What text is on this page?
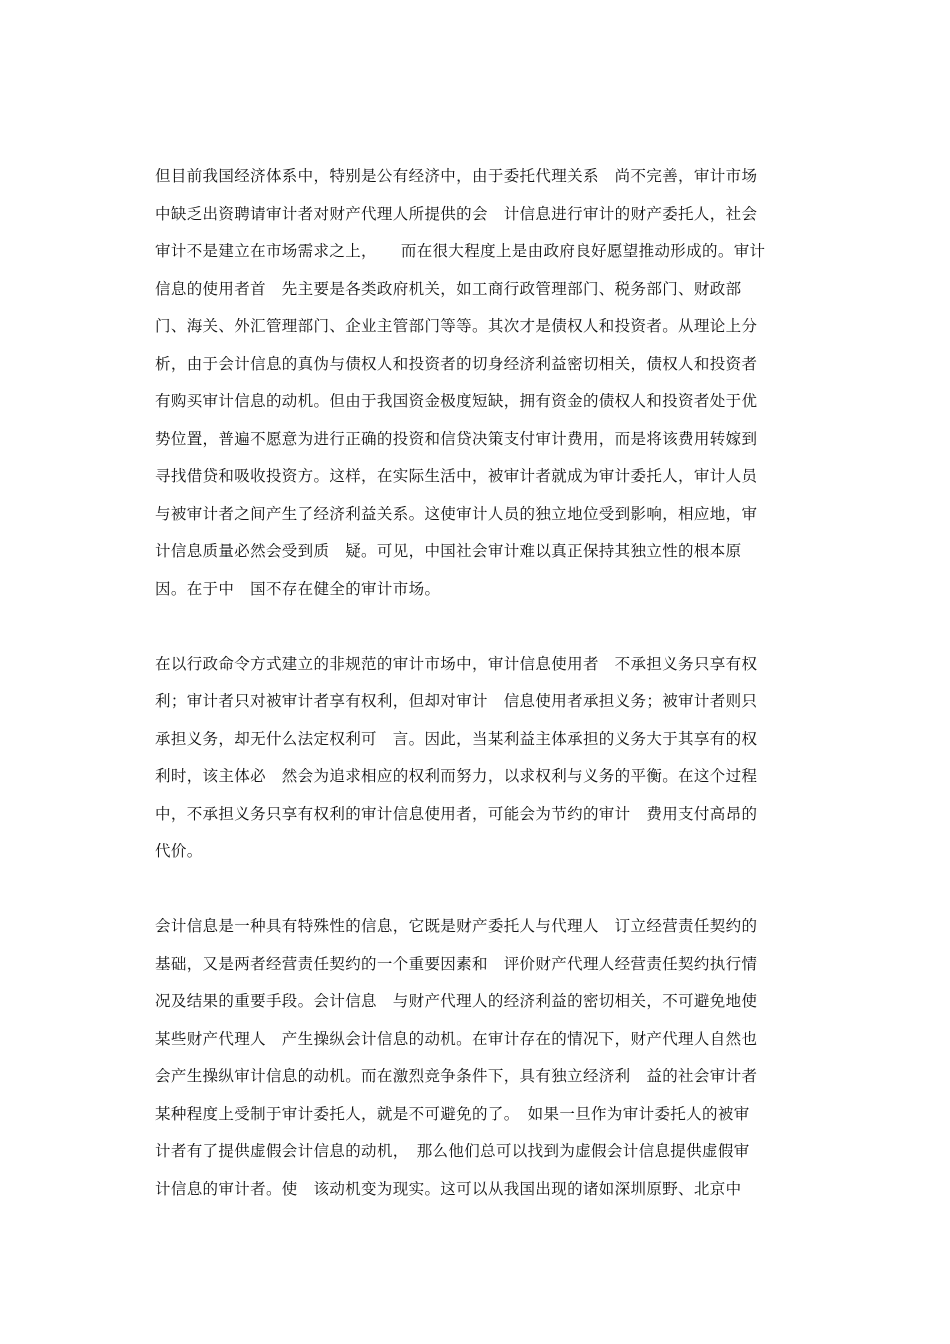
但目前我国经济体系中，特别是公有经济中，由于委托代理关系　尚不完善，审计市场
中缺乏出资聘请审计者对财产代理人所提供的会　计信息进行审计的财产委托人，社会
审计不是建立在市场需求之上，　　而在很大程度上是由政府良好愿望推动形成的。审计
信息的使用者首　先主要是各类政府机关，如工商行政管理部门、税务部门、财政部
门、海关、外汇管理部门、企业主管部门等等。其次才是债权人和投资者。从理论上分
析，由于会计信息的真伪与债权人和投资者的切身经济利益密切相关，债权人和投资者
有购买审计信息的动机。但由于我国资金极度短缺，拥有资金的债权人和投资者处于优
势位置，普遍不愿意为进行正确的投资和信贷决策支付审计费用，而是将该费用转嫁到
寻找借贷和吸收投资方。这样，在实际生活中，被审计者就成为审计委托人，审计人员
与被审计者之间产生了经济利益关系。这使审计人员的独立地位受到影响，相应地，审
计信息质量必然会受到质　疑。可见，中国社会审计难以真正保持其独立性的根本原
因。在于中　国不存在健全的审计市场。
在以行政命令方式建立的非规范的审计市场中，审计信息使用者　不承担义务只享有权
利；审计者只对被审计者享有权利，但却对审计　信息使用者承担义务；被审计者则只
承担义务，却无什么法定权利可　言。因此，当某利益主体承担的义务大于其享有的权
利时，该主体必　然会为追求相应的权利而努力，以求权利与义务的平衡。在这个过程
中，不承担义务只享有权利的审计信息使用者，可能会为节约的审计　费用支付高昂的
代价。
会计信息是一种具有特殊性的信息，它既是财产委托人与代理人　订立经营责任契约的
基础，又是两者经营责任契约的一个重要因素和　评价财产代理人经营责任契约执行情
况及结果的重要手段。会计信息　与财产代理人的经济利益的密切相关，不可避免地使
某些财产代理人　产生操纵会计信息的动机。在审计存在的情况下，财产代理人自然也
会产生操纵审计信息的动机。而在激烈竞争条件下，具有独立经济利　益的社会审计者
某种程度上受制于审计委托人，就是不可避免的了。　如果一旦作为审计委托人的被审
计者有了提供虚假会计信息的动机，　那么他们总可以找到为虚假会计信息提供虚假审
计信息的审计者。使　该动机变为现实。这可以从我国出现的诸如深圳原野、北京中
